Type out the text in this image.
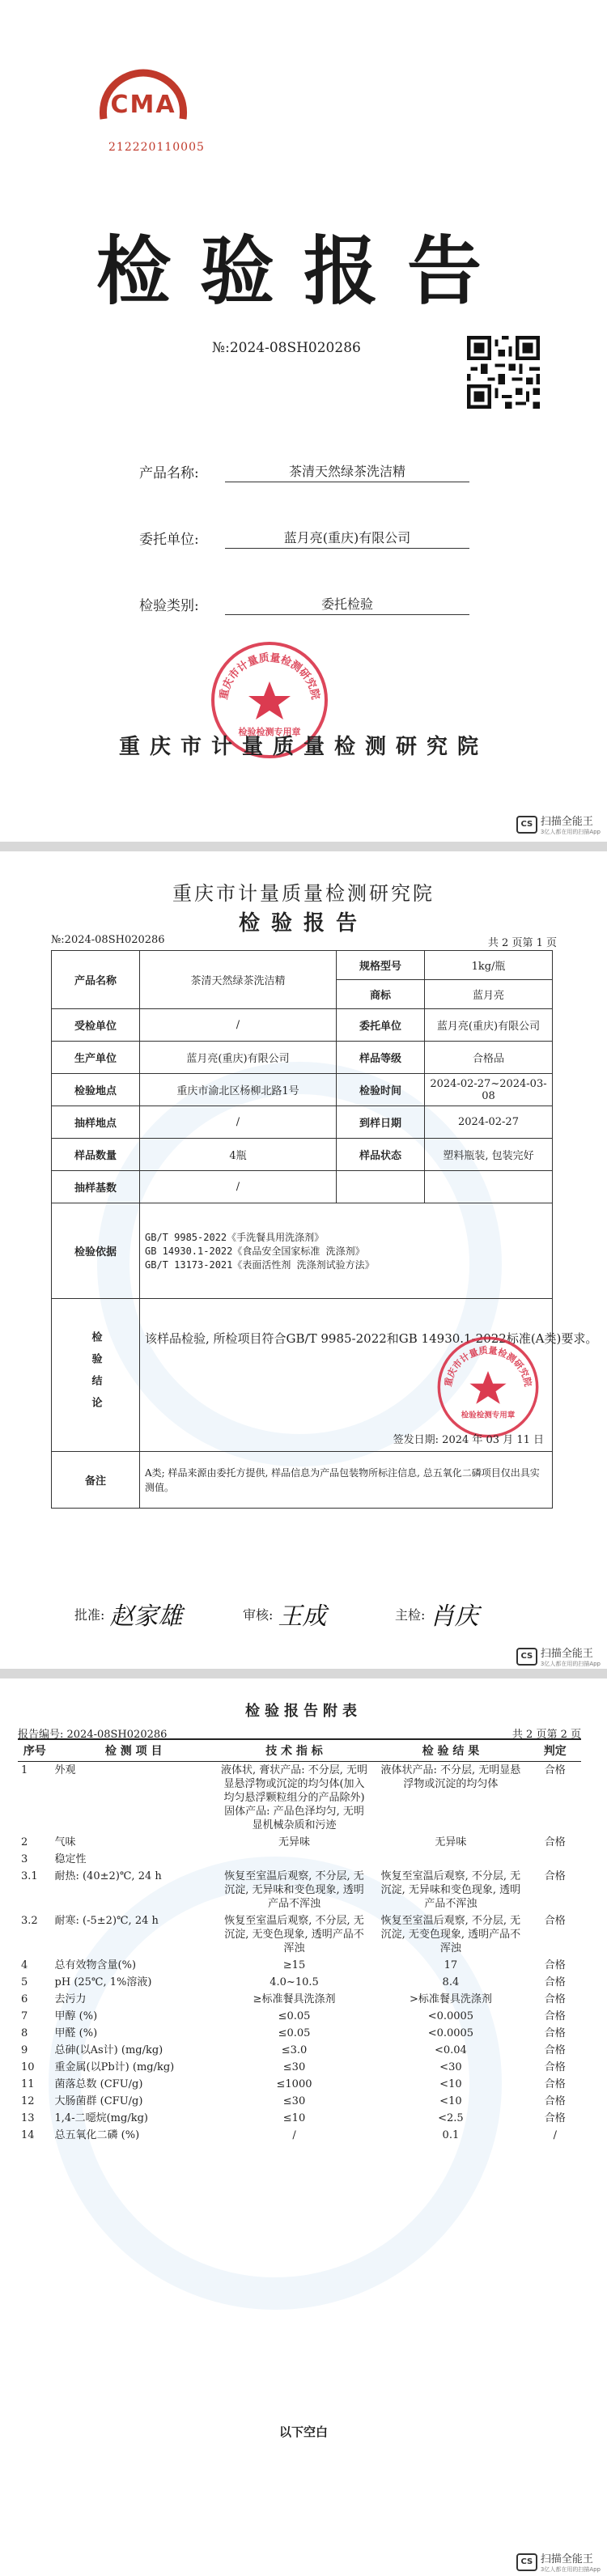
CMA
212220110005
检验报告
№:2024-08SH020286
产品名称:	茶清天然绿茶洗洁精
委托单位:	蓝月亮(重庆)有限公司
检验类别:	委托检验
重庆市计量质量检测研究院
检验检测专用章
重庆市计量质量检测研究院
CS 扫描全能王
3亿人都在用的扫描App
重庆市计量质量检测研究院
检验报告
№:2024-08SH020286	共 2 页第 1 页
产品名称	茶清天然绿茶洗洁精	规格型号	1kg/瓶
		商标	蓝月亮
受检单位	/	委托单位	蓝月亮(重庆)有限公司
生产单位	蓝月亮(重庆)有限公司	样品等级	合格品
检验地点	重庆市渝北区杨柳北路1号	检验时间	2024-02-27~2024-03-08
抽样地点	/	到样日期	2024-02-27
样品数量	4瓶	样品状态	塑料瓶装, 包装完好
抽样基数	/		
检验依据	GB/T 9985-2022《手洗餐具用洗涤剂》
GB 14930.1-2022《食品安全国家标准 洗涤剂》
GB/T 13173-2021《表面活性剂 洗涤剂试验方法》		

检验结论	该样品检验, 所检项目符合GB/T 9985-2022和GB 14930.1-2022标准(A类)要求。
重庆市计量质量检测研究院
检验检测专用章
签发日期: 2024 年 03 月 11 日		

备注	A类; 样品来源由委托方提供, 样品信息为产品包装物所标注信息, 总五氧化二磷项目仅出具实测值。		
批准: 赵家雄	审核: 王成	主检: 肖庆
CS 扫描全能王
3亿人都在用的扫描App
检验报告附表
报告编号: 2024-08SH020286	共 2 页第 2 页
序号	检 测 项 目	技 术 指 标	检 验 结 果	判定
1	外观	液体状, 膏状产品: 不分层, 无明显悬浮物或沉淀的均匀体(加入均匀悬浮颗粒组分的产品除外) 固体产品: 产品色泽均匀, 无明显机械杂质和污迹	液体状产品: 不分层, 无明显悬浮物或沉淀的均匀体	合格
2	气味	无异味	无异味	合格
3	稳定性			
3.1	耐热: (40±2)℃, 24 h	恢复至室温后观察, 不分层, 无沉淀, 无异味和变色现象, 透明产品不浑浊	恢复至室温后观察, 不分层, 无沉淀, 无异味和变色现象, 透明产品不浑浊	合格
3.2	耐寒: (-5±2)℃, 24 h	恢复至室温后观察, 不分层, 无沉淀, 无变色现象, 透明产品不浑浊	恢复至室温后观察, 不分层, 无沉淀, 无变色现象, 透明产品不浑浊	合格
4	总有效物含量(%)	≥15	17	合格
5	pH (25℃, 1%溶液)	4.0~10.5	8.4	合格
6	去污力	≥标准餐具洗涤剂	>标准餐具洗涤剂	合格
7	甲醇 (%)	≤0.05	<0.0005	合格
8	甲醛 (%)	≤0.05	<0.0005	合格
9	总砷(以As计) (mg/kg)	≤3.0	<0.04	合格
10	重金属(以Pb计) (mg/kg)	≤30	<30	合格
11	菌落总数 (CFU/g)	≤1000	<10	合格
12	大肠菌群 (CFU/g)	≤30	<10	合格
13	1,4-二噁烷(mg/kg)	≤10	<2.5	合格
14	总五氧化二磷 (%)	/	0.1	/
以下空白
CS 扫描全能王
3亿人都在用的扫描App
